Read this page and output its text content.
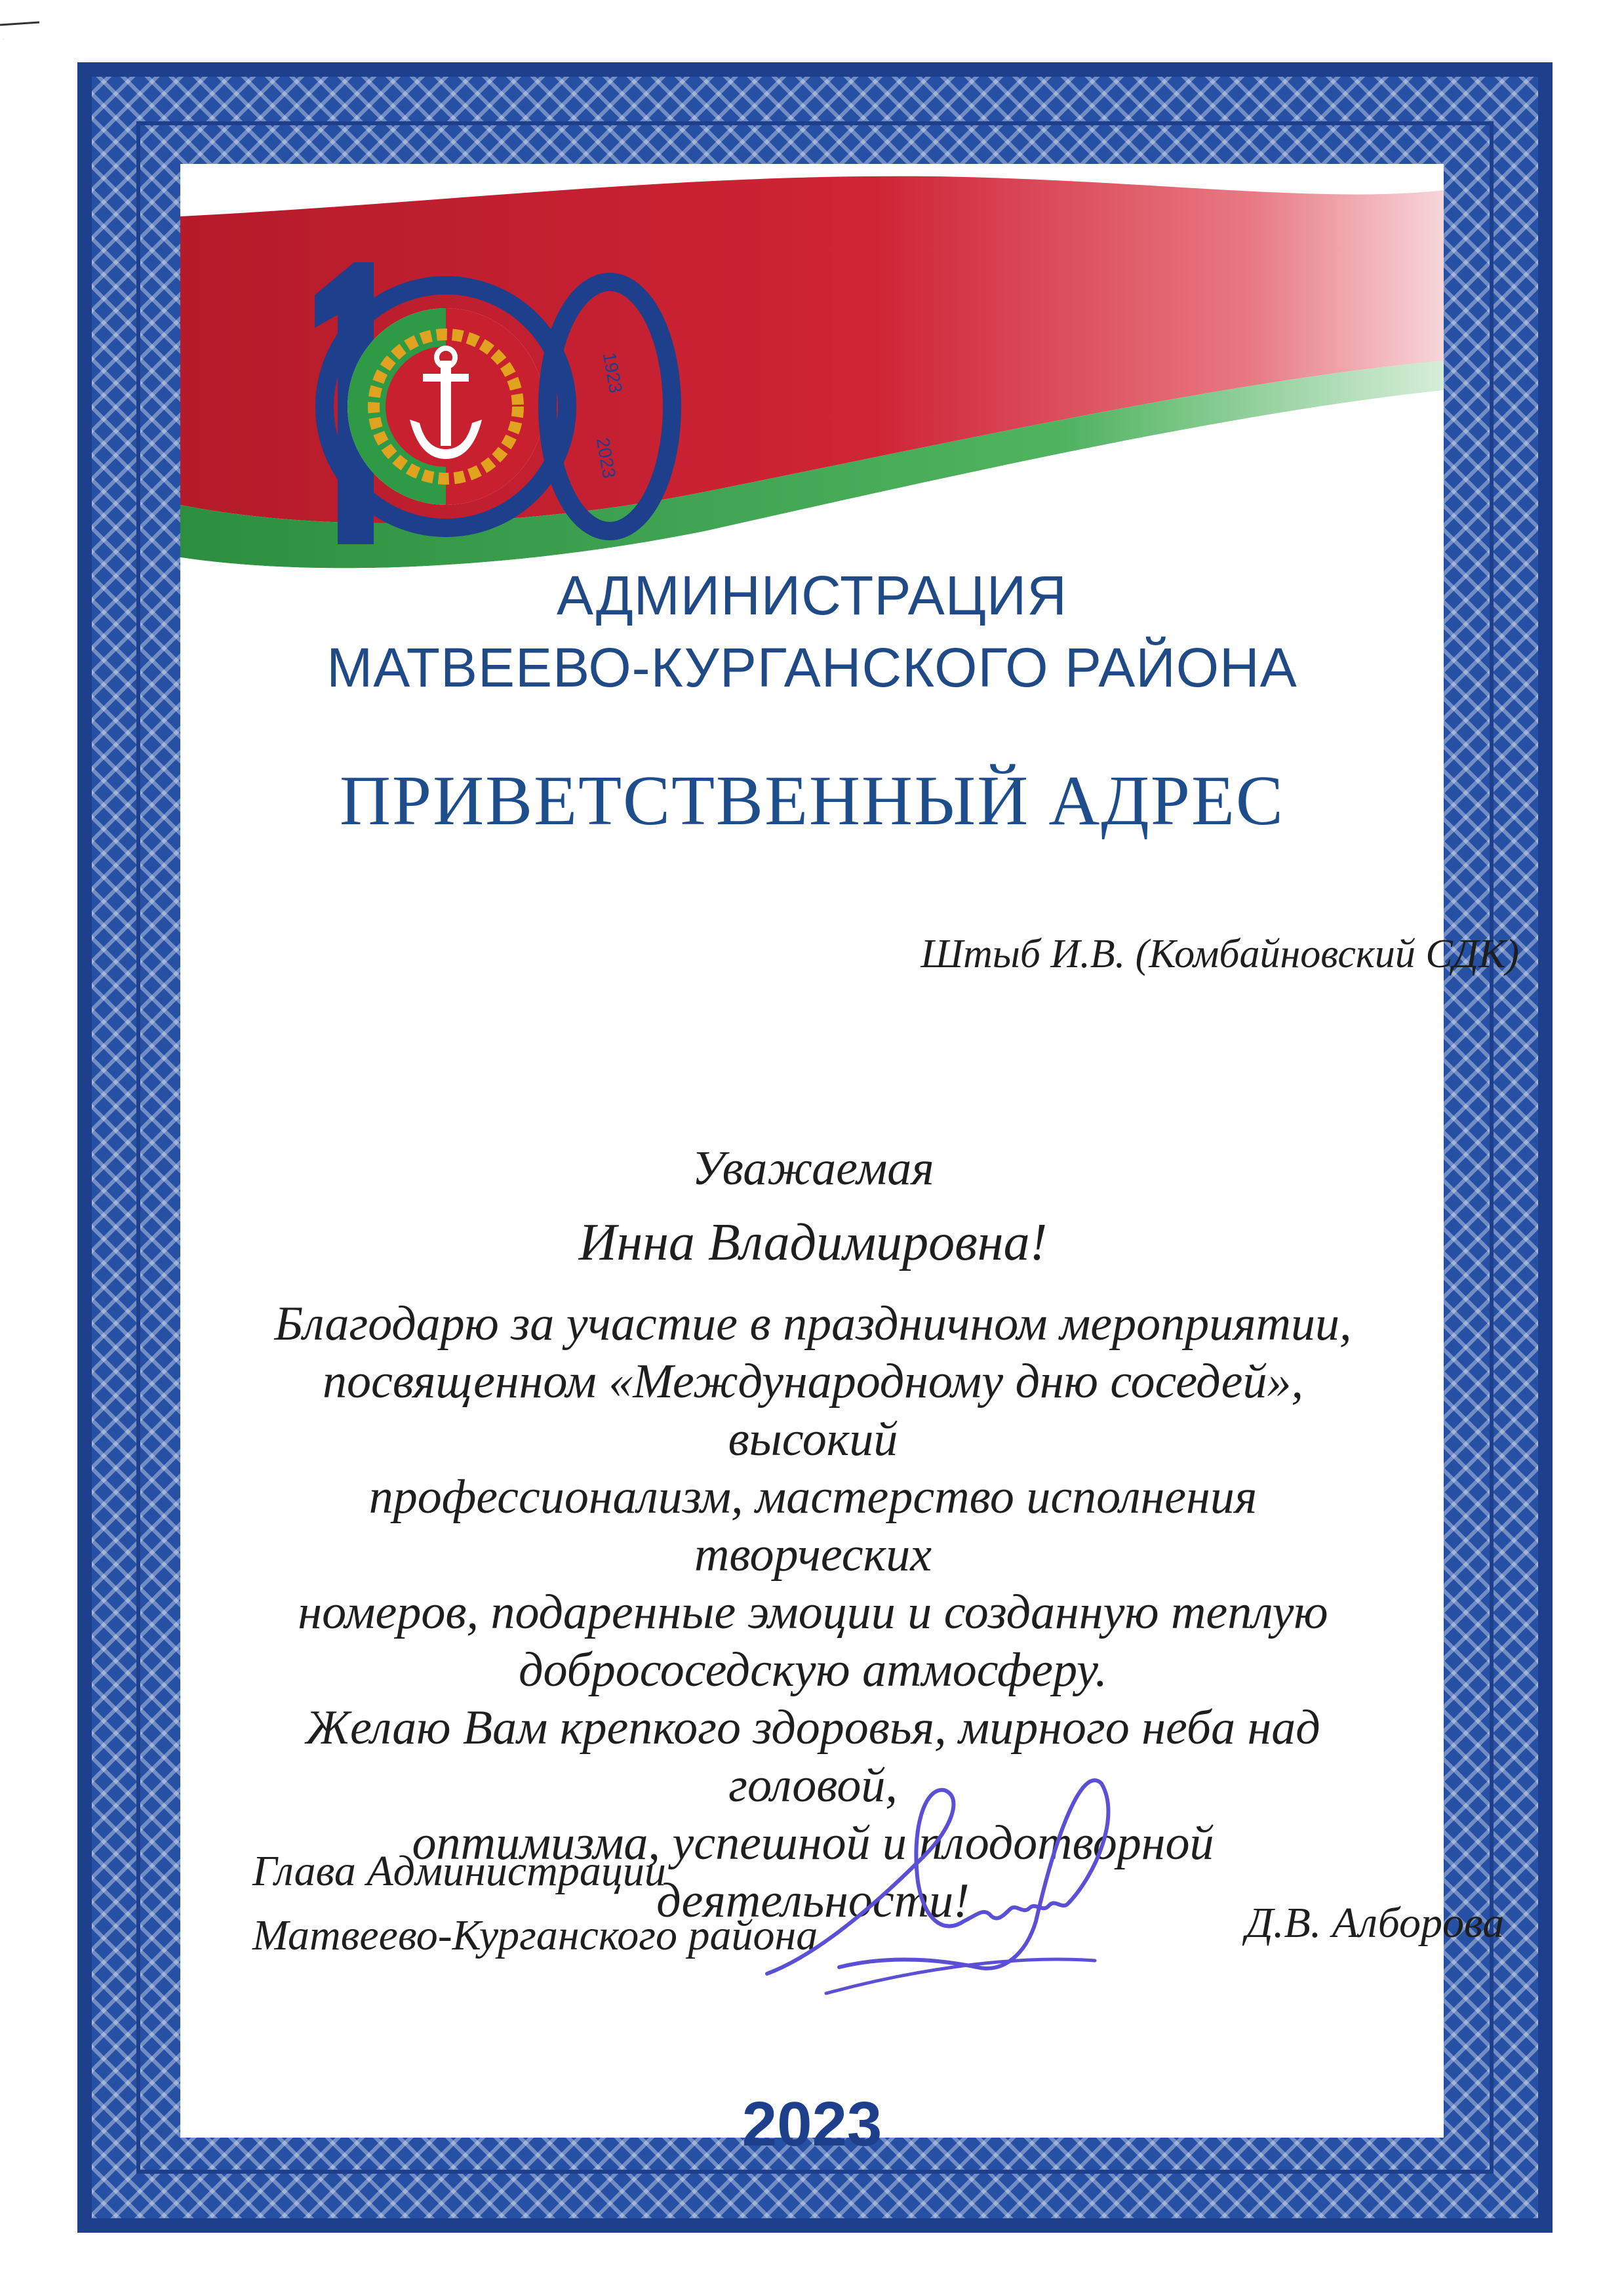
1923
2023
АДМИНИСТРАЦИЯ
МАТВЕЕВО-КУРГАНСКОГО РАЙОНА
ПРИВЕТСТВЕННЫЙ АДРЕС
Штыб И.В. (Комбайновский СДК)
Уважаемая
Инна Владимировна!
Благодарю за участие в праздничном мероприятии,
посвященном «Международному дню соседей», высокий
профессионализм, мастерство исполнения творческих
номеров, подаренные эмоции и созданную теплую
добрососедскую атмосферу.
Желаю Вам крепкого здоровья, мирного неба над головой,
оптимизма, успешной и плодотворной деятельности!
Глава Администрации
Матвеево-Курганского района	Д.В. Алборова
2023
